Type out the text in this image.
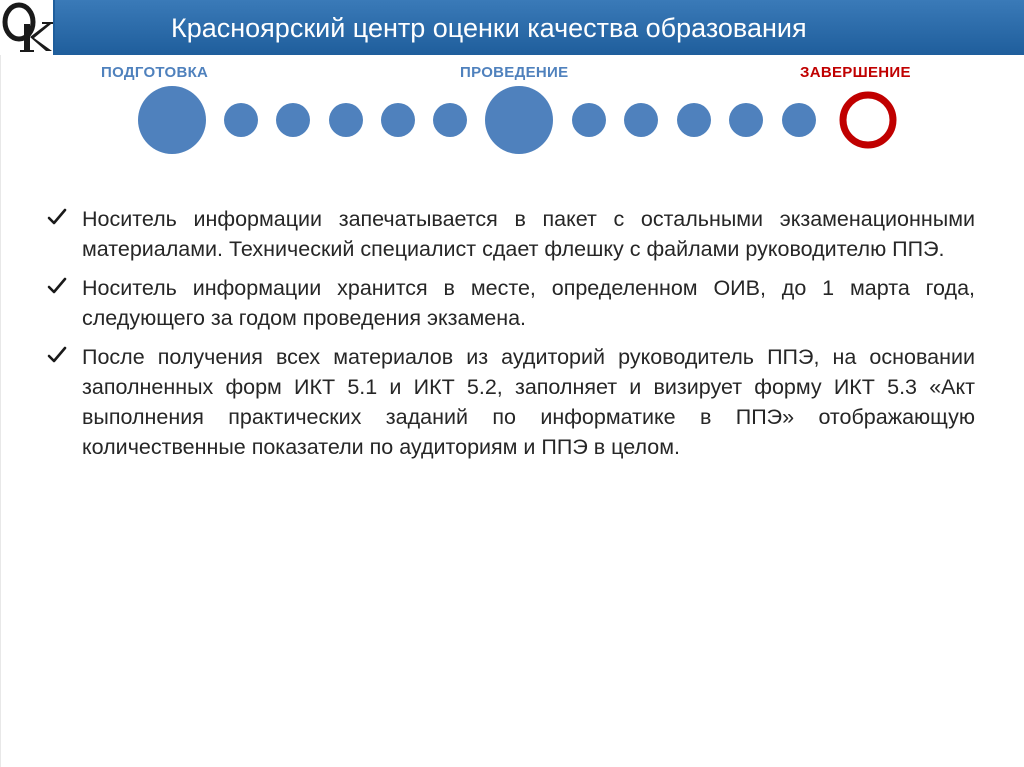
Красноярский центр оценки качества образования
ПОДГОТОВКА	ПРОВЕДЕНИЕ	ЗАВЕРШЕНИЕ
Носитель информации запечатывается в пакет с остальными экзаменационными материалами. Технический специалист сдает флешку с файлами руководителю ППЭ.
Носитель информации хранится в месте, определенном ОИВ, до 1 марта года, следующего за годом проведения экзамена.
После получения всех материалов из аудиторий руководитель ППЭ, на основании заполненных форм ИКТ 5.1 и ИКТ 5.2, заполняет и визирует форму ИКТ 5.3 «Акт выполнения практических заданий по информатике в ППЭ» отображающую количественные показатели по аудиториям и ППЭ в целом.
